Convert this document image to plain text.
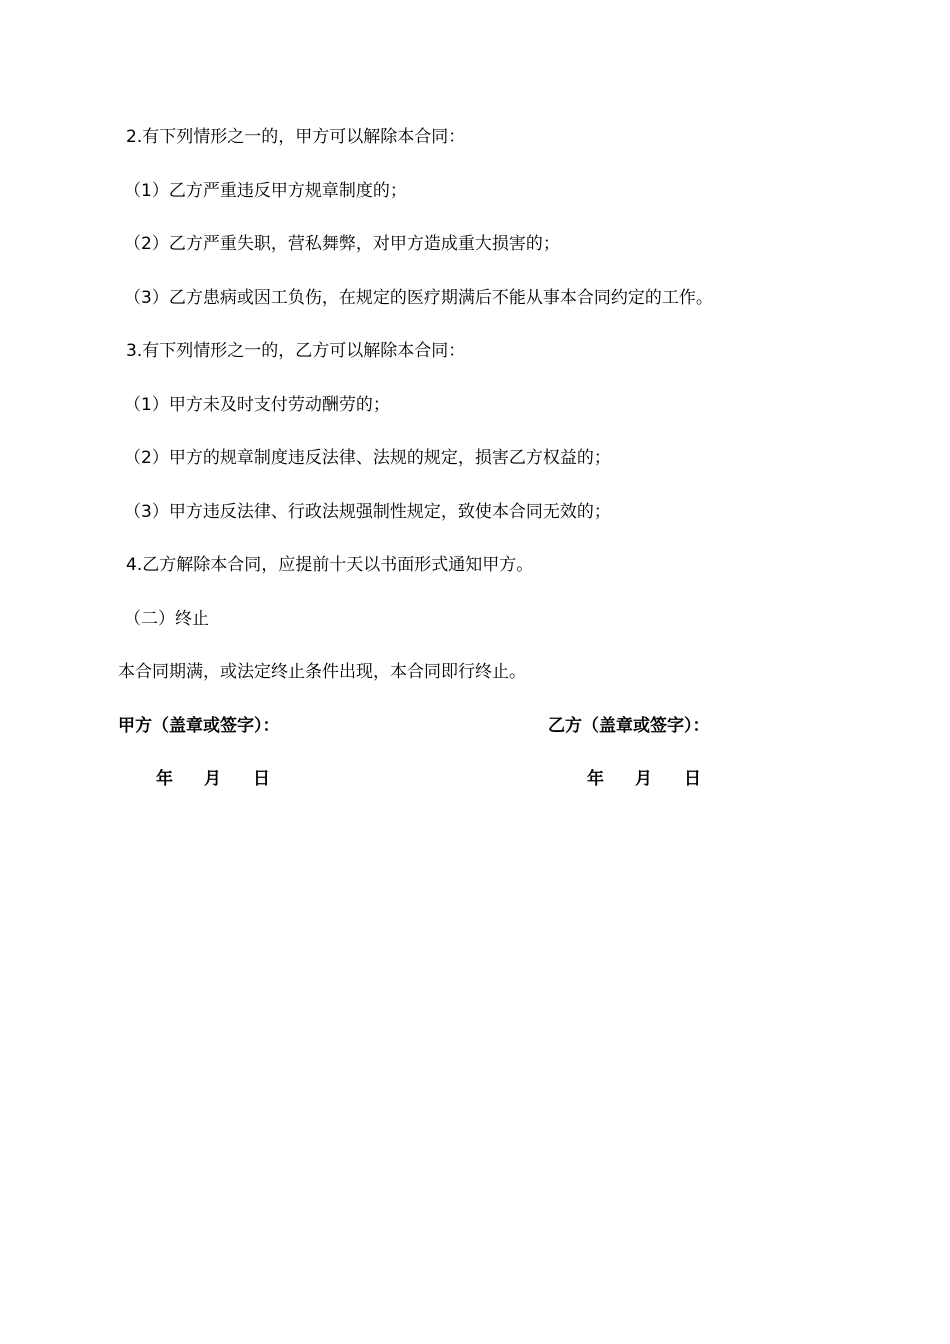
2.有下列情形之一的，甲方可以解除本合同：
（1）乙方严重违反甲方规章制度的；
（2）乙方严重失职，营私舞弊，对甲方造成重大损害的；
（3）乙方患病或因工负伤，在规定的医疗期满后不能从事本合同约定的工作。
3.有下列情形之一的，乙方可以解除本合同：
（1）甲方未及时支付劳动酬劳的；
（2）甲方的规章制度违反法律、法规的规定，损害乙方权益的；
（3）甲方违反法律、行政法规强制性规定，致使本合同无效的；
4.乙方解除本合同，应提前十天以书面形式通知甲方。
（二）终止
本合同期满，或法定终止条件出现，本合同即行终止。
甲方（盖章或签字）：	乙方（盖章或签字）：
年 月 日	年 月 日
